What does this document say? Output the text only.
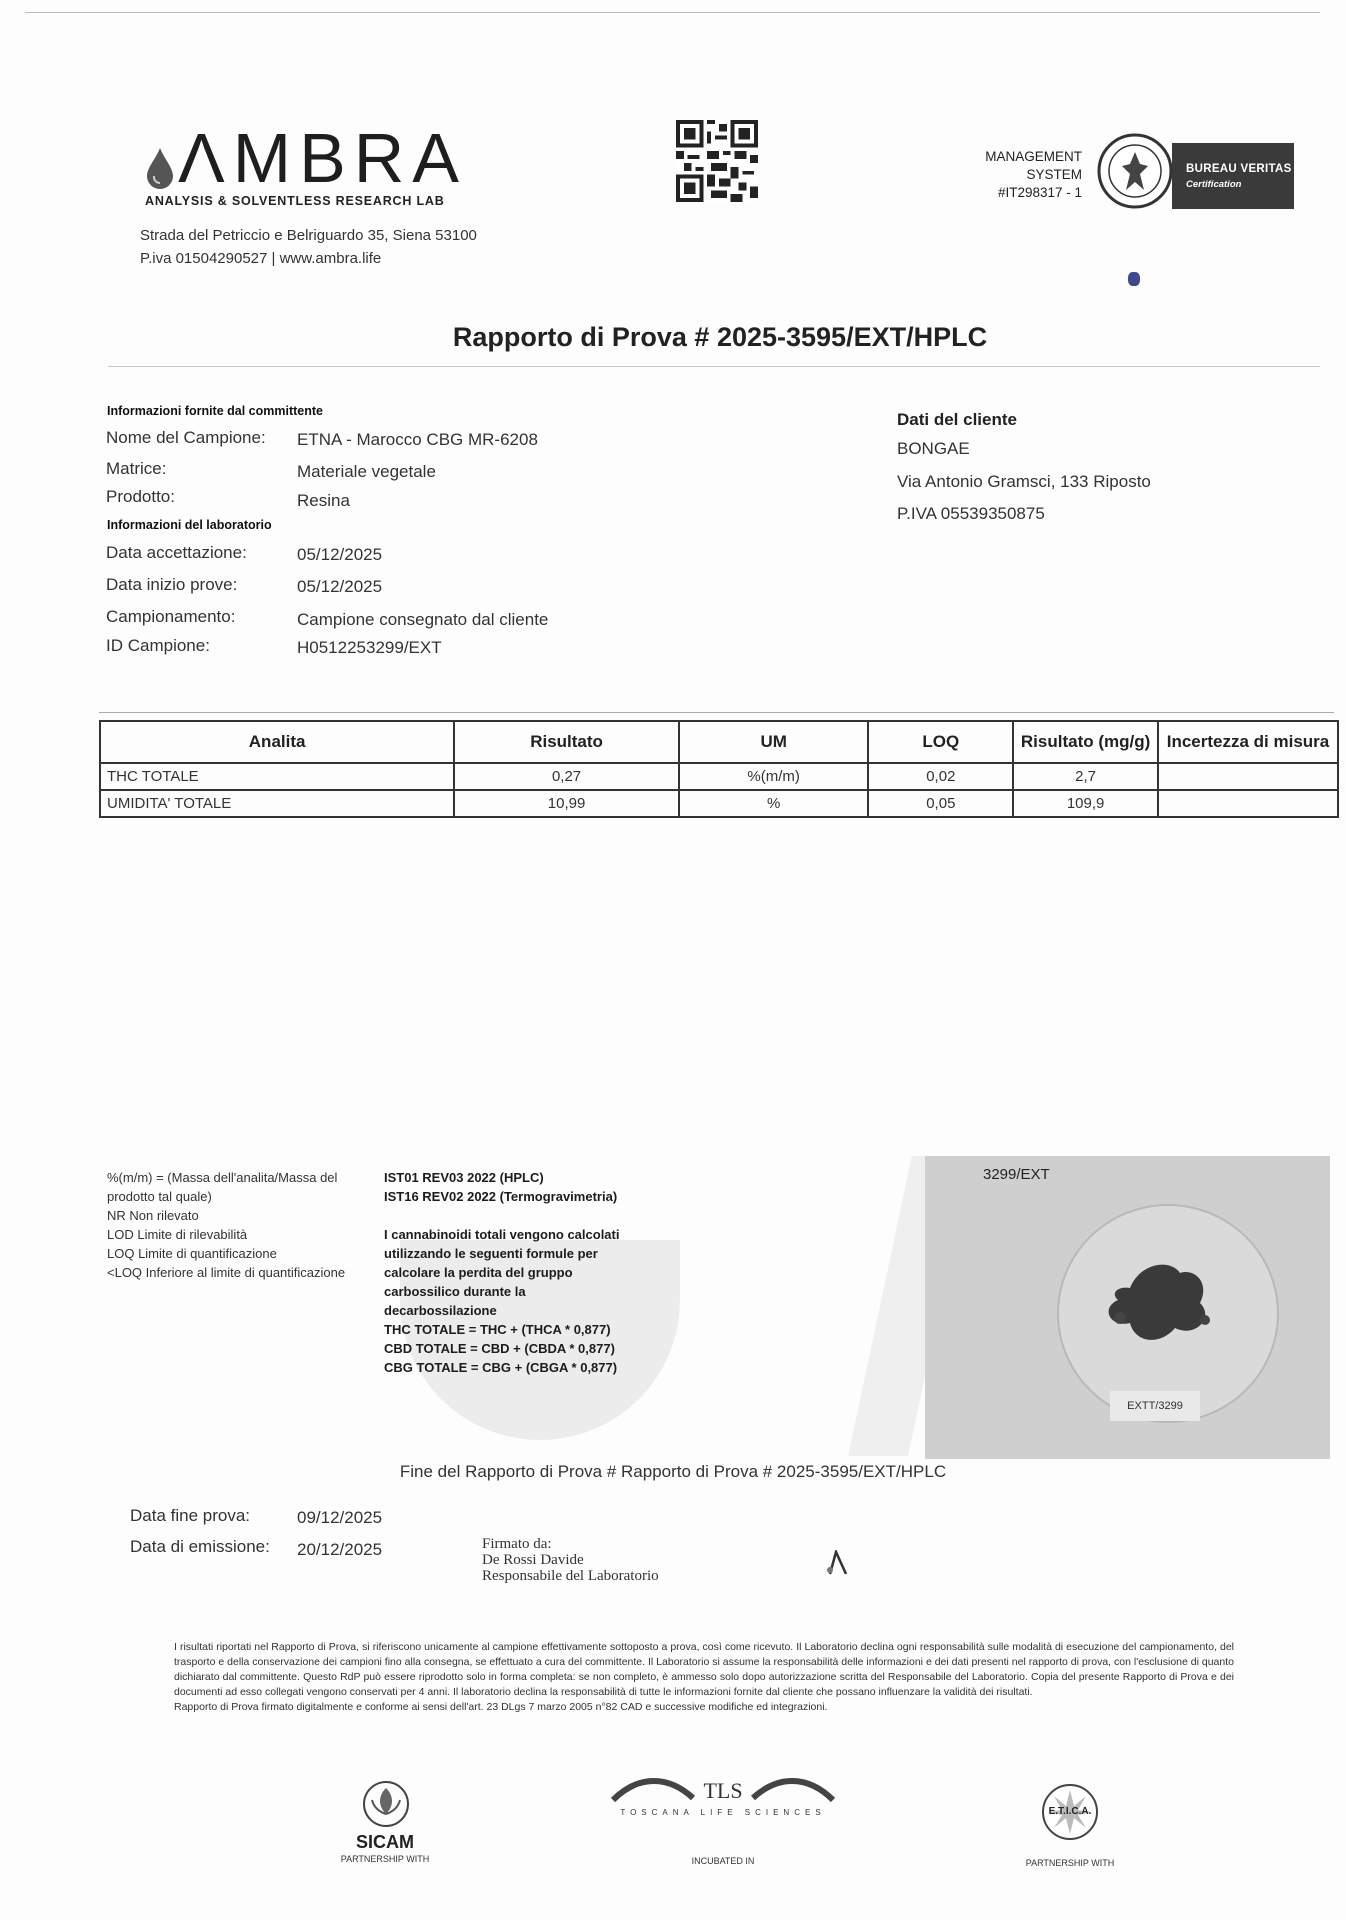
ΛMBRA
ANALYSIS & SOLVENTLESS RESEARCH LAB
Strada del Petriccio e Belriguardo 35, Siena 53100
P.iva 01504290527 | www.ambra.life
MANAGEMENT
SYSTEM
#IT298317 - 1
BUREAU VERITAS
Certification
Rapporto di Prova # 2025-3595/EXT/HPLC
Informazioni fornite dal committente
Nome del Campione: ETNA - Marocco CBG MR-6208
Matrice:	Materiale vegetale
Prodotto:	Resina
Informazioni del laboratorio
Data accettazione:	05/12/2025
Data inizio prove:	05/12/2025
Campionamento:	Campione consegnato dal cliente
ID Campione:	H0512253299/EXT
Dati del cliente
BONGAE
Via Antonio Gramsci, 133 Riposto
P.IVA 05539350875
Analita	Risultato	UM	LOQ	Risultato (mg/g)	Incertezza di misura
THC TOTALE	0,27	%(m/m)	0,02	2,7	
UMIDITA' TOTALE	10,99	%	0,05	109,9	
%(m/m) = (Massa dell'analita/Massa del
prodotto tal quale)
NR Non rilevato
LOD Limite di rilevabilità
LOQ Limite di quantificazione
<LOQ Inferiore al limite di quantificazione
IST01 REV03 2022 (HPLC)
IST16 REV02 2022 (Termogravimetria)
I cannabinoidi totali vengono calcolati
utilizzando le seguenti formule per
calcolare la perdita del gruppo
carbossilico durante la
decarbossilazione
THC TOTALE = THC + (THCA * 0,877)
CBD TOTALE = CBD + (CBDA * 0,877)
CBG TOTALE = CBG + (CBGA * 0,877)
3299/EXT
EXTT/3299
Fine del Rapporto di Prova # Rapporto di Prova # 2025-3595/EXT/HPLC
Data fine prova:	09/12/2025
Data di emissione: 20/12/2025	Firmato da:
De Rossi Davide
Responsabile del Laboratorio
I risultati riportati nel Rapporto di Prova, si riferiscono unicamente al campione effettivamente sottoposto a prova, così come ricevuto. Il Laboratorio declina ogni responsabilità sulle modalità di esecuzione del campionamento, del trasporto e della conservazione dei campioni fino alla consegna, se effettuato a cura del committente. Il Laboratorio si assume la responsabilità delle informazioni e dei dati presenti nel rapporto di prova, con l'esclusione di quanto dichiarato dal committente. Questo RdP può essere riprodotto solo in forma completa: se non completo, è ammesso solo dopo autorizzazione scritta del Responsabile del Laboratorio. Copia del presente Rapporto di Prova e dei documenti ad esso collegati vengono conservati per 4 anni. Il laboratorio declina la responsabilità di tutte le informazioni fornite dal cliente che possano influenzare la validità dei risultati.
Rapporto di Prova firmato digitalmente e conforme ai sensi dell'art. 23 DLgs 7 marzo 2005 n°82 CAD e successive modifiche ed integrazioni.
SICAM
PARTNERSHIP WITH
TLS
TOSCANA LIFE SCIENCES
INCUBATED IN
E.T.I.C.A.
PARTNERSHIP WITH
